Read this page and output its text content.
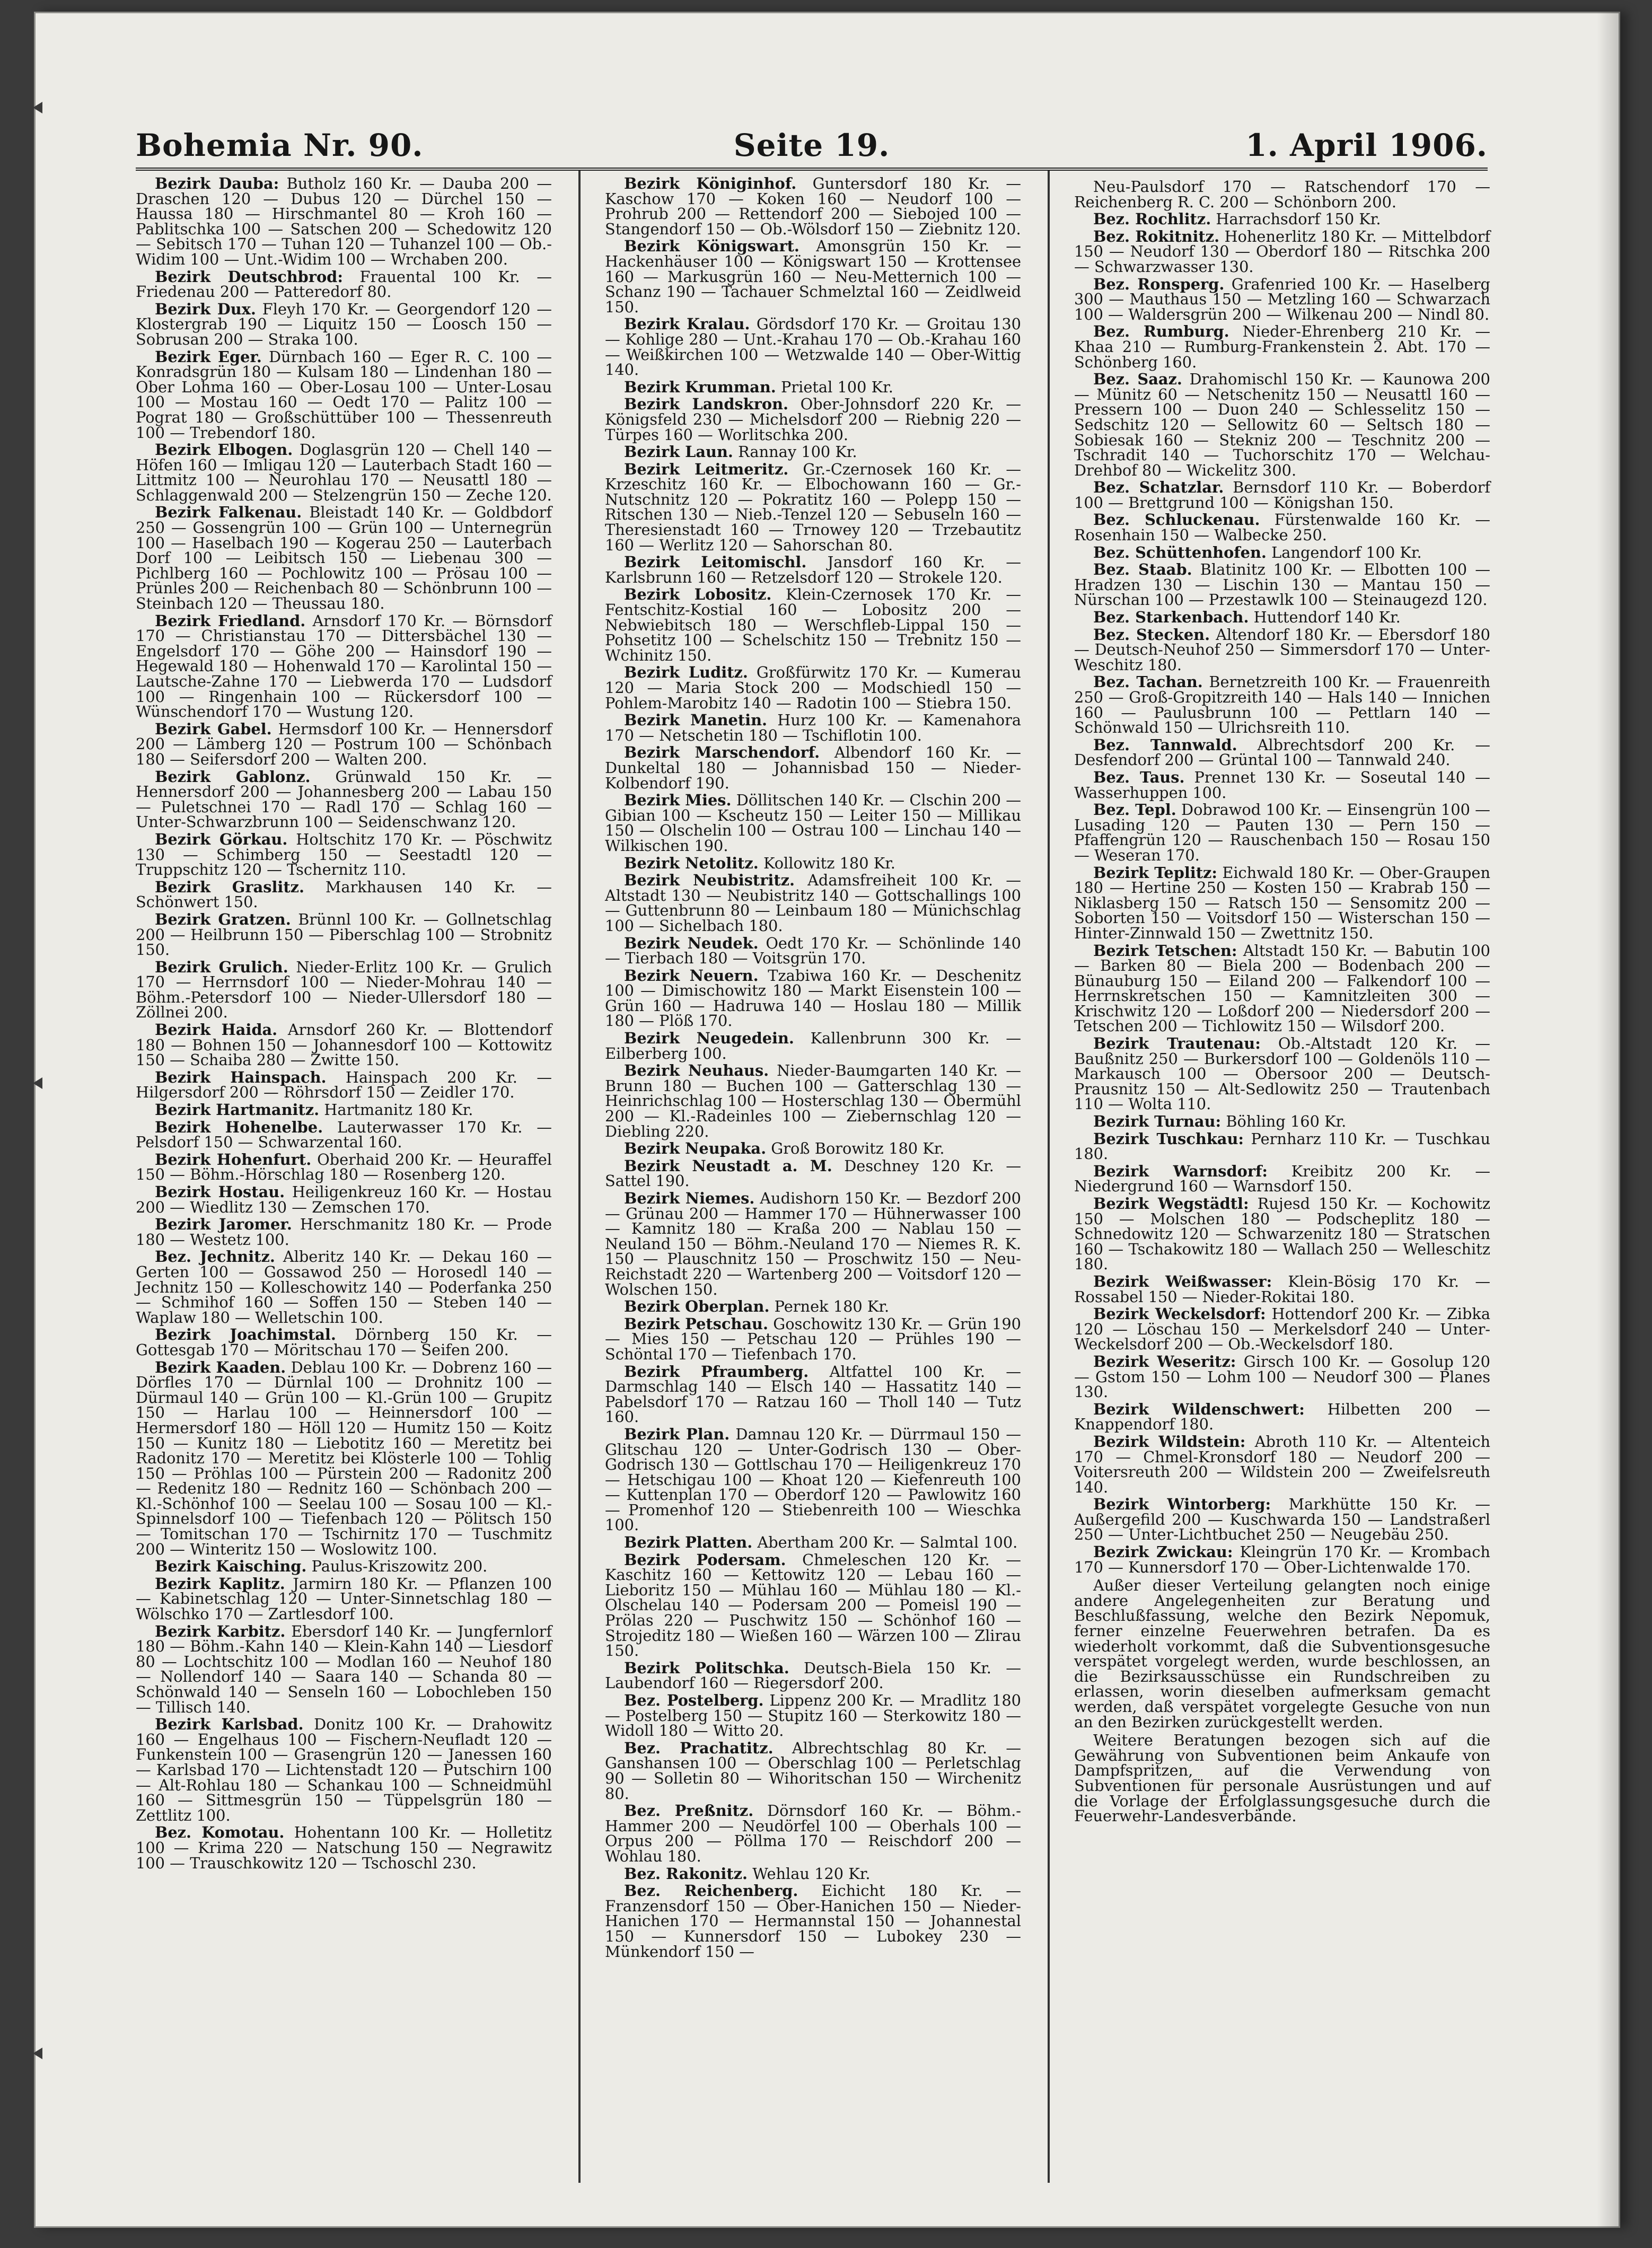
Bohemia Nr. 90.	Seite 19.	1. April 1906.

Bezirk Dauba: Butholz 160 Kr. — Dauba 200 — Draschen 120 — Dubus 120 — Dürchel 150 — Haussa 180 — Hirschmantel 80 — Kroh 160 — Pablitschka 100 — Satschen 200 — Schedowitz 120 — Sebitsch 170 — Tuhan 120 — Tuhanzel 100 — Ob.-Widim 100 — Unt.-Widim 100 — Wrchaben 200.

Bezirk Deutschbrod: Frauental 100 Kr. — Friedenau 200 — Patteredorf 80.

Bezirk Dux. Fleyh 170 Kr. — Georgendorf 120 — Klostergrab 190 — Liquitz 150 — Loosch 150 — Sobrusan 200 — Straka 100.

Bezirk Eger. Dürnbach 160 — Eger R. C. 100 — Konradsgrün 180 — Kulsam 180 — Lindenhan 180 — Ober Lohma 160 — Ober-Losau 100 — Unter-Losau 100 — Mostau 160 — Oedt 170 — Palitz 100 — Pograt 180 — Großschüttüber 100 — Thessenreuth 100 — Trebendorf 180.

Bezirk Elbogen. Doglasgrün 120 — Chell 140 — Höfen 160 — Imligau 120 — Lauterbach Stadt 160 — Littmitz 100 — Neurohlau 170 — Neusattl 180 — Schlaggenwald 200 — Stelzengrün 150 — Zeche 120.

Bezirk Falkenau. Bleistadt 140 Kr. — Goldbdorf 250 — Gossengrün 100 — Grün 100 — Unternegrün 100 — Haselbach 190 — Kogerau 250 — Lauterbach Dorf 100 — Leibitsch 150 — Liebenau 300 — Pichlberg 160 — Pochlowitz 100 — Prösau 100 — Prünles 200 — Reichenbach 80 — Schönbrunn 100 — Steinbach 120 — Theussau 180.

Bezirk Friedland. Arnsdorf 170 Kr. — Börnsdorf 170 — Christianstau 170 — Dittersbächel 130 — Engelsdorf 170 — Göhe 200 — Hainsdorf 190 — Hegewald 180 — Hohenwald 170 — Karolintal 150 — Lautsche-Zahne 170 — Liebwerda 170 — Ludsdorf 100 — Ringenhain 100 — Rückersdorf 100 — Wünschendorf 170 — Wustung 120.

Bezirk Gabel. Hermsdorf 100 Kr. — Hennersdorf 200 — Lämberg 120 — Postrum 100 — Schönbach 180 — Seifersdorf 200 — Walten 200.

Bezirk Gablonz. Grünwald 150 Kr. — Hennersdorf 200 — Johannesberg 200 — Labau 150 — Puletschnei 170 — Radl 170 — Schlag 160 — Unter-Schwarzbrunn 100 — Seidenschwanz 120.

Bezirk Görkau. Holtschitz 170 Kr. — Pöschwitz 130 — Schimberg 150 — Seestadtl 120 — Truppschitz 120 — Tschernitz 110.

Bezirk Graslitz. Markhausen 140 Kr. — Schönwert 150.

Bezirk Gratzen. Brünnl 100 Kr. — Gollnetschlag 200 — Heilbrunn 150 — Piberschlag 100 — Strobnitz 150.

Bezirk Grulich. Nieder-Erlitz 100 Kr. — Grulich 170 — Herrnsdorf 100 — Nieder-Mohrau 140 — Böhm.-Petersdorf 100 — Nieder-Ullersdorf 180 — Zöllnei 200.

Bezirk Haida. Arnsdorf 260 Kr. — Blottendorf 180 — Bohnen 150 — Johannesdorf 100 — Kottowitz 150 — Schaiba 280 — Zwitte 150.

Bezirk Hainspach. Hainspach 200 Kr. — Hilgersdorf 200 — Röhrsdorf 150 — Zeidler 170.

Bezirk Hartmanitz. Hartmanitz 180 Kr.

Bezirk Hohenelbe. Lauterwasser 170 Kr. — Pelsdorf 150 — Schwarzental 160.

Bezirk Hohenfurt. Oberhaid 200 Kr. — Heuraffel 150 — Böhm.-Hörschlag 180 — Rosenberg 120.

Bezirk Hostau. Heiligenkreuz 160 Kr. — Hostau 200 — Wiedlitz 130 — Zemschen 170.

Bezirk Jaromer. Herschmanitz 180 Kr. — Prode 180 — Westetz 100.

Bez. Jechnitz. Alberitz 140 Kr. — Dekau 160 — Gerten 100 — Gossawod 250 — Horosedl 140 — Jechnitz 150 — Kolleschowitz 140 — Poderfanka 250 — Schmihof 160 — Soffen 150 — Steben 140 — Waplaw 180 — Welletschin 100.

Bezirk Joachimstal. Dörnberg 150 Kr. — Gottesgab 170 — Möritschau 170 — Seifen 200.

Bezirk Kaaden. Deblau 100 Kr. — Dobrenz 160 — Dörfles 170 — Dürnlal 100 — Drohnitz 100 — Dürmaul 140 — Grün 100 — Kl.-Grün 100 — Grupitz 150 — Harlau 100 — Heinnersdorf 100 — Hermersdorf 180 — Höll 120 — Humitz 150 — Koitz 150 — Kunitz 180 — Liebotitz 160 — Meretitz bei Radonitz 170 — Meretitz bei Klösterle 100 — Tohlig 150 — Pröhlas 100 — Pürstein 200 — Radonitz 200 — Redenitz 180 — Rednitz 160 — Schönbach 200 — Kl.-Schönhof 100 — Seelau 100 — Sosau 100 — Kl.-Spinnelsdorf 100 — Tiefenbach 120 — Pölitsch 150 — Tomitschan 170 — Tschirnitz 170 — Tuschmitz 200 — Winteritz 150 — Woslowitz 100.

Bezirk Kaisching. Paulus-Kriszowitz 200.

Bezirk Kaplitz. Jarmirn 180 Kr. — Pflanzen 100 — Kabinetschlag 120 — Unter-Sinnetschlag 180 — Wölschko 170 — Zartlesdorf 100.

Bezirk Karbitz. Ebersdorf 140 Kr. — Jungfernlorf 180 — Böhm.-Kahn 140 — Klein-Kahn 140 — Liesdorf 80 — Lochtschitz 100 — Modlan 160 — Neuhof 180 — Nollendorf 140 — Saara 140 — Schanda 80 — Schönwald 140 — Senseln 160 — Lobochleben 150 — Tillisch 140.

Bezirk Karlsbad. Donitz 100 Kr. — Drahowitz 160 — Engelhaus 100 — Fischern-Neufladt 120 — Funkenstein 100 — Grasengrün 120 — Janessen 160 — Karlsbad 170 — Lichtenstadt 120 — Putschirn 100 — Alt-Rohlau 180 — Schankau 100 — Schneidmühl 160 — Sittmesgrün 150 — Tüppelsgrün 180 — Zettlitz 100.

Bez. Komotau. Hohentann 100 Kr. — Holletitz 100 — Krima 220 — Natschung 150 — Negrawitz 100 — Trauschkowitz 120 — Tschoschl 230.

Bezirk Königinhof. Guntersdorf 180 Kr. — Kaschow 170 — Koken 160 — Neudorf 100 — Prohrub 200 — Rettendorf 200 — Siebojed 100 — Stangendorf 150 — Ob.-Wölsdorf 150 — Ziebnitz 120.

Bezirk Königswart. Amonsgrün 150 Kr. — Hackenhäuser 100 — Königswart 150 — Krottensee 160 — Markusgrün 160 — Neu-Metternich 100 — Schanz 190 — Tachauer Schmelztal 160 — Zeidlweid 150.

Bezirk Kralau. Gördsdorf 170 Kr. — Groitau 130 — Kohlige 280 — Unt.-Krahau 170 — Ob.-Krahau 160 — Weißkirchen 100 — Wetzwalde 140 — Ober-Wittig 140.

Bezirk Krumman. Prietal 100 Kr.

Bezirk Landskron. Ober-Johnsdorf 220 Kr. — Königsfeld 230 — Michelsdorf 200 — Riebnig 220 — Türpes 160 — Worlitschka 200.

Bezirk Laun. Rannay 100 Kr.

Bezirk Leitmeritz. Gr.-Czernosek 160 Kr. — Krzeschitz 160 Kr. — Elbochowann 160 — Gr.-Nutschnitz 120 — Pokratitz 160 — Polepp 150 — Ritschen 130 — Nieb.-Tenzel 120 — Sebuseln 160 — Theresienstadt 160 — Trnowey 120 — Trzebautitz 160 — Werlitz 120 — Sahorschan 80.

Bezirk Leitomischl. Jansdorf 160 Kr. — Karlsbrunn 160 — Retzelsdorf 120 — Strokele 120.

Bezirk Lobositz. Klein-Czernosek 170 Kr. — Fentschitz-Kostial 160 — Lobositz 200 — Nebwiebitsch 180 — Werschfleb-Lippal 150 — Pohsetitz 100 — Schelschitz 150 — Trebnitz 150 — Wchinitz 150.

Bezirk Luditz. Großfürwitz 170 Kr. — Kumerau 120 — Maria Stock 200 — Modschiedl 150 — Pohlem-Marobitz 140 — Radotin 100 — Stiebra 150.

Bezirk Manetin. Hurz 100 Kr. — Kamenahora 170 — Netschetin 180 — Tschiflotin 100.

Bezirk Marschendorf. Albendorf 160 Kr. — Dunkeltal 180 — Johannisbad 150 — Nieder-Kolbendorf 190.

Bezirk Mies. Döllitschen 140 Kr. — Clschin 200 — Gibian 100 — Kscheutz 150 — Leiter 150 — Millikau 150 — Olschelin 100 — Ostrau 100 — Linchau 140 — Wilkischen 190.

Bezirk Netolitz. Kollowitz 180 Kr.

Bezirk Neubistritz. Adamsfreiheit 100 Kr. — Altstadt 130 — Neubistritz 140 — Gottschallings 100 — Guttenbrunn 80 — Leinbaum 180 — Münichschlag 100 — Sichelbach 180.

Bezirk Neudek. Oedt 170 Kr. — Schönlinde 140 — Tierbach 180 — Voitsgrün 170.

Bezirk Neuern. Tzabiwa 160 Kr. — Deschenitz 100 — Dimischowitz 180 — Markt Eisenstein 100 — Grün 160 — Hadruwa 140 — Hoslau 180 — Millik 180 — Plöß 170.

Bezirk Neugedein. Kallenbrunn 300 Kr. — Eilberberg 100.

Bezirk Neuhaus. Nieder-Baumgarten 140 Kr. — Brunn 180 — Buchen 100 — Gatterschlag 130 — Heinrichschlag 100 — Hosterschlag 130 — Obermühl 200 — Kl.-Radeinles 100 — Ziebernschlag 120 — Diebling 220.

Bezirk Neupaka. Groß Borowitz 180 Kr.

Bezirk Neustadt a. M. Deschney 120 Kr. — Sattel 190.

Bezirk Niemes. Audishorn 150 Kr. — Bezdorf 200 — Grünau 200 — Hammer 170 — Hühnerwasser 100 — Kamnitz 180 — Kraßa 200 — Nablau 150 — Neuland 150 — Böhm.-Neuland 170 — Niemes R. K. 150 — Plauschnitz 150 — Proschwitz 150 — Neu-Reichstadt 220 — Wartenberg 200 — Voitsdorf 120 — Wolschen 150.

Bezirk Oberplan. Pernek 180 Kr.

Bezirk Petschau. Goschowitz 130 Kr. — Grün 190 — Mies 150 — Petschau 120 — Prühles 190 — Schöntal 170 — Tiefenbach 170.

Bezirk Pfraumberg. Altfattel 100 Kr. — Darmschlag 140 — Elsch 140 — Hassatitz 140 — Pabelsdorf 170 — Ratzau 160 — Tholl 140 — Tutz 160.

Bezirk Plan. Damnau 120 Kr. — Dürrmaul 150 — Glitschau 120 — Unter-Godrisch 130 — Ober-Godrisch 130 — Gottlschau 170 — Heiligenkreuz 170 — Hetschigau 100 — Khoat 120 — Kiefenreuth 100 — Kuttenplan 170 — Oberdorf 120 — Pawlowitz 160 — Promenhof 120 — Stiebenreith 100 — Wieschka 100.

Bezirk Platten. Abertham 200 Kr. — Salmtal 100.

Bezirk Podersam. Chmeleschen 120 Kr. — Kaschitz 160 — Kettowitz 120 — Lebau 160 — Lieboritz 150 — Mühlau 160 — Mühlau 180 — Kl.-Olschelau 140 — Podersam 200 — Pomeisl 190 — Prölas 220 — Puschwitz 150 — Schönhof 160 — Strojeditz 180 — Wießen 160 — Wärzen 100 — Zlirau 150.

Bezirk Politschka. Deutsch-Biela 150 Kr. — Laubendorf 160 — Riegersdorf 200.

Bez. Postelberg. Lippenz 200 Kr. — Mradlitz 180 — Postelberg 150 — Stupitz 160 — Sterkowitz 180 — Widoll 180 — Witto 20.

Bez. Prachatitz. Albrechtschlag 80 Kr. — Ganshansen 100 — Oberschlag 100 — Perletschlag 90 — Solletin 80 — Wihoritschan 150 — Wirchenitz 80.

Bez. Preßnitz. Dörnsdorf 160 Kr. — Böhm.-Hammer 200 — Neudörfel 100 — Oberhals 100 — Orpus 200 — Pöllma 170 — Reischdorf 200 — Wohlau 180.

Bez. Rakonitz. Wehlau 120 Kr.

Bez. Reichenberg. Eichicht 180 Kr. — Franzensdorf 150 — Ober-Hanichen 150 — Nieder-Hanichen 170 — Hermannstal 150 — Johannestal 150 — Kunnersdorf 150 — Lubokey 230 — Münkendorf 150 —

Neu-Paulsdorf 170 — Ratschendorf 170 — Reichenberg R. C. 200 — Schönborn 200.

Bez. Rochlitz. Harrachsdorf 150 Kr.

Bez. Rokitnitz. Hohenerlitz 180 Kr. — Mittelbdorf 150 — Neudorf 130 — Oberdorf 180 — Ritschka 200 — Schwarzwasser 130.

Bez. Ronsperg. Grafenried 100 Kr. — Haselberg 300 — Mauthaus 150 — Metzling 160 — Schwarzach 100 — Waldersgrün 200 — Wilkenau 200 — Nindl 80.

Bez. Rumburg. Nieder-Ehrenberg 210 Kr. — Khaa 210 — Rumburg-Frankenstein 2. Abt. 170 — Schönberg 160.

Bez. Saaz. Drahomischl 150 Kr. — Kaunowa 200 — Münitz 60 — Netschenitz 150 — Neusattl 160 — Pressern 100 — Duon 240 — Schlesselitz 150 — Sedschitz 120 — Sellowitz 60 — Seltsch 180 — Sobiesak 160 — Stekniz 200 — Teschnitz 200 — Tschradit 140 — Tuchorschitz 170 — Welchau-Drehbof 80 — Wickelitz 300.

Bez. Schatzlar. Bernsdorf 110 Kr. — Boberdorf 100 — Brettgrund 100 — Königshan 150.

Bez. Schluckenau. Fürstenwalde 160 Kr. — Rosenhain 150 — Walbecke 250.

Bez. Schüttenhofen. Langendorf 100 Kr.

Bez. Staab. Blatinitz 100 Kr. — Elbotten 100 — Hradzen 130 — Lischin 130 — Mantau 150 — Nürschan 100 — Przestawlk 100 — Steinaugezd 120.

Bez. Starkenbach. Huttendorf 140 Kr.

Bez. Stecken. Altendorf 180 Kr. — Ebersdorf 180 — Deutsch-Neuhof 250 — Simmersdorf 170 — Unter-Weschitz 180.

Bez. Tachan. Bernetzreith 100 Kr. — Frauenreith 250 — Groß-Gropitzreith 140 — Hals 140 — Innichen 160 — Paulusbrunn 100 — Pettlarn 140 — Schönwald 150 — Ulrichsreith 110.

Bez. Tannwald. Albrechtsdorf 200 Kr. — Desfendorf 200 — Grüntal 100 — Tannwald 240.

Bez. Taus. Prennet 130 Kr. — Soseutal 140 — Wasserhuppen 100.

Bez. Tepl. Dobrawod 100 Kr. — Einsengrün 100 — Lusading 120 — Pauten 130 — Pern 150 — Pfaffengrün 120 — Rauschenbach 150 — Rosau 150 — Weseran 170.

Bezirk Teplitz: Eichwald 180 Kr. — Ober-Graupen 180 — Hertine 250 — Kosten 150 — Krabrab 150 — Niklasberg 150 — Ratsch 150 — Sensomitz 200 — Soborten 150 — Voitsdorf 150 — Wisterschan 150 — Hinter-Zinnwald 150 — Zwettnitz 150.

Bezirk Tetschen: Altstadt 150 Kr. — Babutin 100 — Barken 80 — Biela 200 — Bodenbach 200 — Bünauburg 150 — Eiland 200 — Falkendorf 100 — Herrnskretschen 150 — Kamnitzleiten 300 — Krischwitz 120 — Loßdorf 200 — Niedersdorf 200 — Tetschen 200 — Tichlowitz 150 — Wilsdorf 200.

Bezirk Trautenau: Ob.-Altstadt 120 Kr. — Baußnitz 250 — Burkersdorf 100 — Goldenöls 110 — Markausch 100 — Obersoor 200 — Deutsch-Prausnitz 150 — Alt-Sedlowitz 250 — Trautenbach 110 — Wolta 110.

Bezirk Turnau: Böhling 160 Kr.

Bezirk Tuschkau: Pernharz 110 Kr. — Tuschkau 180.

Bezirk Warnsdorf: Kreibitz 200 Kr. — Niedergrund 160 — Warnsdorf 150.

Bezirk Wegstädtl: Rujesd 150 Kr. — Kochowitz 150 — Molschen 180 — Podscheplitz 180 — Schnedowitz 120 — Schwarzenitz 180 — Stratschen 160 — Tschakowitz 180 — Wallach 250 — Welleschitz 180.

Bezirk Weißwasser: Klein-Bösig 170 Kr. — Rossabel 150 — Nieder-Rokitai 180.

Bezirk Weckelsdorf: Hottendorf 200 Kr. — Zibka 120 — Löschau 150 — Merkelsdorf 240 — Unter-Weckelsdorf 200 — Ob.-Weckelsdorf 180.

Bezirk Weseritz: Girsch 100 Kr. — Gosolup 120 — Gstom 150 — Lohm 100 — Neudorf 300 — Planes 130.

Bezirk Wildenschwert: Hilbetten 200 — Knappendorf 180.

Bezirk Wildstein: Abroth 110 Kr. — Altenteich 170 — Chmel-Kronsdorf 180 — Neudorf 200 — Voitersreuth 200 — Wildstein 200 — Zweifelsreuth 140.

Bezirk Wintorberg: Markhütte 150 Kr. — Außergefild 200 — Kuschwarda 150 — Landstraßerl 250 — Unter-Lichtbuchet 250 — Neugebäu 250.

Bezirk Zwickau: Kleingrün 170 Kr. — Krombach 170 — Kunnersdorf 170 — Ober-Lichtenwalde 170.

Außer dieser Verteilung gelangten noch einige andere Angelegenheiten zur Beratung und Beschlußfassung, welche den Bezirk Nepomuk, ferner einzelne Feuerwehren betrafen. Da es wiederholt vorkommt, daß die Subventionsgesuche verspätet vorgelegt werden, wurde beschlossen, an die Bezirksausschüsse ein Rundschreiben zu erlassen, worin dieselben aufmerksam gemacht werden, daß verspätet vorgelegte Gesuche von nun an den Bezirken zurückgestellt werden.

Weitere Beratungen bezogen sich auf die Gewährung von Subventionen beim Ankaufe von Dampfspritzen, auf die Verwendung von Subventionen für personale Ausrüstungen und auf die Vorlage der Erfolglassungsgesuche durch die Feuerwehr-Landesverbände.
